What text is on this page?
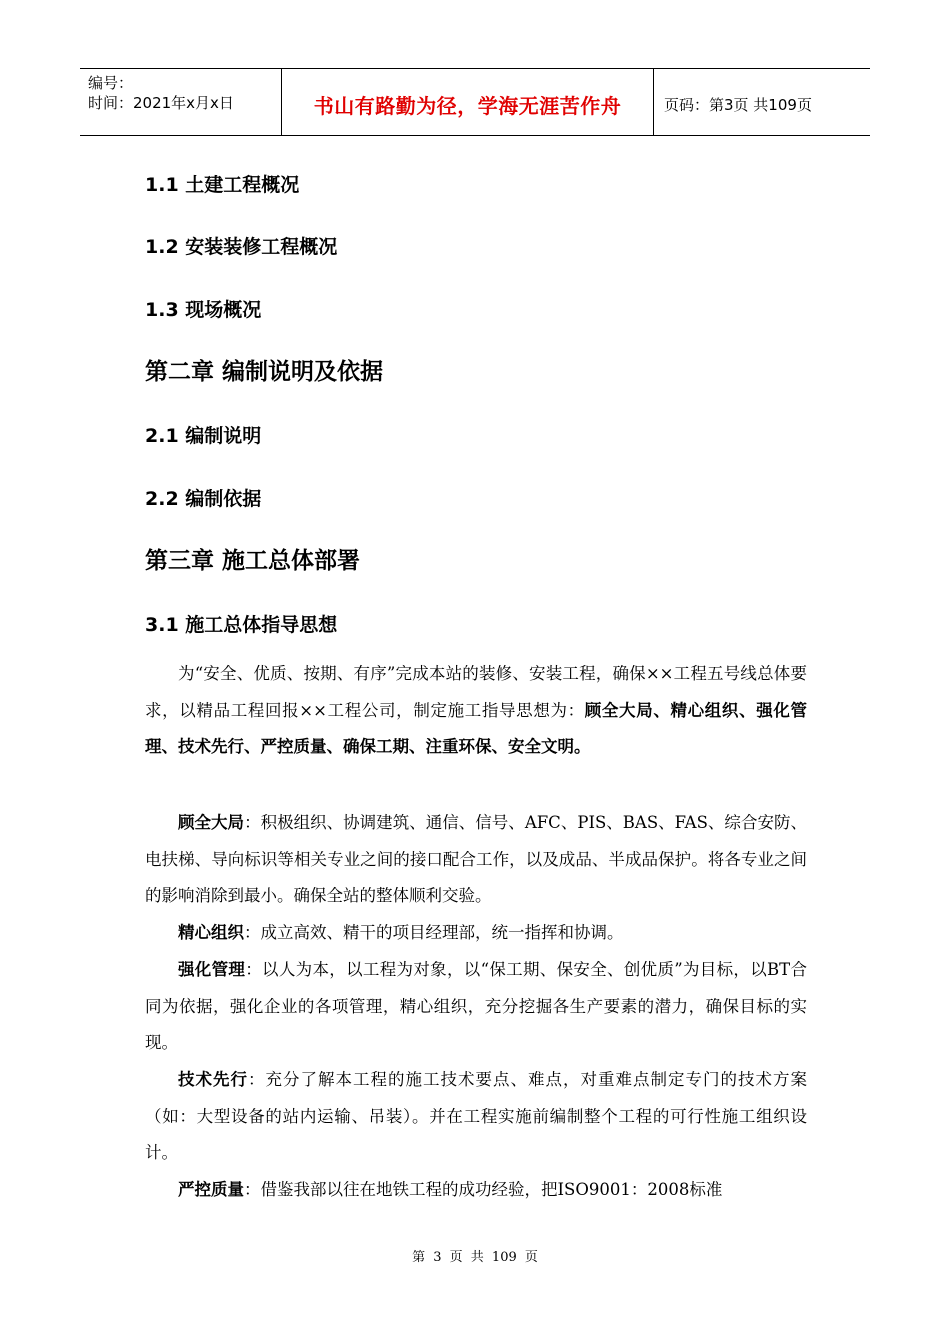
编号：
时间：2021年x月x日	书山有路勤为径，学海无涯苦作舟	页码：第3页 共109页
1.1 土建工程概况
1.2 安装装修工程概况
1.3 现场概况
第二章 编制说明及依据
2.1 编制说明
2.2 编制依据
第三章 施工总体部署
3.1 施工总体指导思想

为“安全、优质、按期、有序”完成本站的装修、安装工程，确保××工程五号线总体要求，以精品工程回报××工程公司，制定施工指导思想为：顾全大局、精心组织、强化管理、技术先行、严控质量、确保工期、注重环保、安全文明。

顾全大局：积极组织、协调建筑、通信、信号、AFC、PIS、BAS、FAS、综合安防、电扶梯、导向标识等相关专业之间的接口配合工作，以及成品、半成品保护。将各专业之间的影响消除到最小。确保全站的整体顺利交验。

精心组织：成立高效、精干的项目经理部，统一指挥和协调。

强化管理：以人为本，以工程为对象，以“保工期、保安全、创优质”为目标，以BT合同为依据，强化企业的各项管理，精心组织，充分挖掘各生产要素的潜力，确保目标的实现。

技术先行：充分了解本工程的施工技术要点、难点，对重难点制定专门的技术方案（如：大型设备的站内运输、吊装）。并在工程实施前编制整个工程的可行性施工组织设计。

严控质量：借鉴我部以往在地铁工程的成功经验，把ISO9001：2008标准

第 3 页 共 109 页
